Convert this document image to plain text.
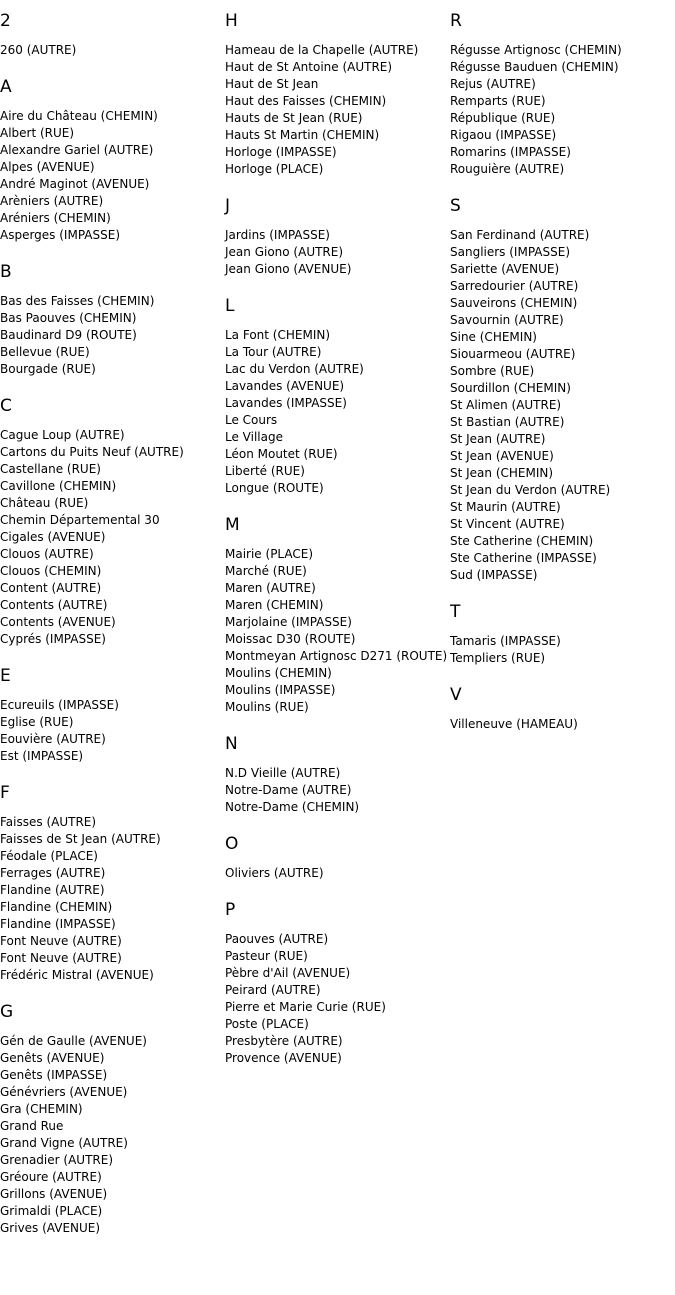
2
260 (AUTRE)
A
Aire du Château (CHEMIN)
Albert (RUE)
Alexandre Gariel (AUTRE)
Alpes (AVENUE)
André Maginot (AVENUE)
Arèniers (AUTRE)
Aréniers (CHEMIN)
Asperges (IMPASSE)
B
Bas des Faisses (CHEMIN)
Bas Paouves (CHEMIN)
Baudinard D9 (ROUTE)
Bellevue (RUE)
Bourgade (RUE)
C
Cague Loup (AUTRE)
Cartons du Puits Neuf (AUTRE)
Castellane (RUE)
Cavillone (CHEMIN)
Château (RUE)
Chemin Départemental 30
Cigales (AVENUE)
Clouos (AUTRE)
Clouos (CHEMIN)
Content (AUTRE)
Contents (AUTRE)
Contents (AVENUE)
Cyprés (IMPASSE)
E
Ecureuils (IMPASSE)
Eglise (RUE)
Eouvière (AUTRE)
Est (IMPASSE)
F
Faisses (AUTRE)
Faisses de St Jean (AUTRE)
Féodale (PLACE)
Ferrages (AUTRE)
Flandine (AUTRE)
Flandine (CHEMIN)
Flandine (IMPASSE)
Font Neuve (AUTRE)
Font Neuve (AUTRE)
Frédéric Mistral (AVENUE)
G
Gén de Gaulle (AVENUE)
Genêts (AVENUE)
Genêts (IMPASSE)
Génévriers (AVENUE)
Gra (CHEMIN)
Grand Rue
Grand Vigne (AUTRE)
Grenadier (AUTRE)
Gréoure (AUTRE)
Grillons (AVENUE)
Grimaldi (PLACE)
Grives (AVENUE)
H
Hameau de la Chapelle (AUTRE)
Haut de St Antoine (AUTRE)
Haut de St Jean
Haut des Faisses (CHEMIN)
Hauts de St Jean (RUE)
Hauts St Martin (CHEMIN)
Horloge (IMPASSE)
Horloge (PLACE)
J
Jardins (IMPASSE)
Jean Giono (AUTRE)
Jean Giono (AVENUE)
L
La Font (CHEMIN)
La Tour (AUTRE)
Lac du Verdon (AUTRE)
Lavandes (AVENUE)
Lavandes (IMPASSE)
Le Cours
Le Village
Léon Moutet (RUE)
Liberté (RUE)
Longue (ROUTE)
M
Mairie (PLACE)
Marché (RUE)
Maren (AUTRE)
Maren (CHEMIN)
Marjolaine (IMPASSE)
Moissac D30 (ROUTE)
Montmeyan Artignosc D271 (ROUTE)
Moulins (CHEMIN)
Moulins (IMPASSE)
Moulins (RUE)
N
N.D Vieille (AUTRE)
Notre-Dame (AUTRE)
Notre-Dame (CHEMIN)
O
Oliviers (AUTRE)
P
Paouves (AUTRE)
Pasteur (RUE)
Pèbre d'Ail (AVENUE)
Peirard (AUTRE)
Pierre et Marie Curie (RUE)
Poste (PLACE)
Presbytère (AUTRE)
Provence (AVENUE)
R
Régusse Artignosc (CHEMIN)
Régusse Bauduen (CHEMIN)
Rejus (AUTRE)
Remparts (RUE)
République (RUE)
Rigaou (IMPASSE)
Romarins (IMPASSE)
Rouguière (AUTRE)
S
San Ferdinand (AUTRE)
Sangliers (IMPASSE)
Sariette (AVENUE)
Sarredourier (AUTRE)
Sauveirons (CHEMIN)
Savournin (AUTRE)
Sine (CHEMIN)
Siouarmeou (AUTRE)
Sombre (RUE)
Sourdillon (CHEMIN)
St Alimen (AUTRE)
St Bastian (AUTRE)
St Jean (AUTRE)
St Jean (AVENUE)
St Jean (CHEMIN)
St Jean du Verdon (AUTRE)
St Maurin (AUTRE)
St Vincent (AUTRE)
Ste Catherine (CHEMIN)
Ste Catherine (IMPASSE)
Sud (IMPASSE)
T
Tamaris (IMPASSE)
Templiers (RUE)
V
Villeneuve (HAMEAU)
